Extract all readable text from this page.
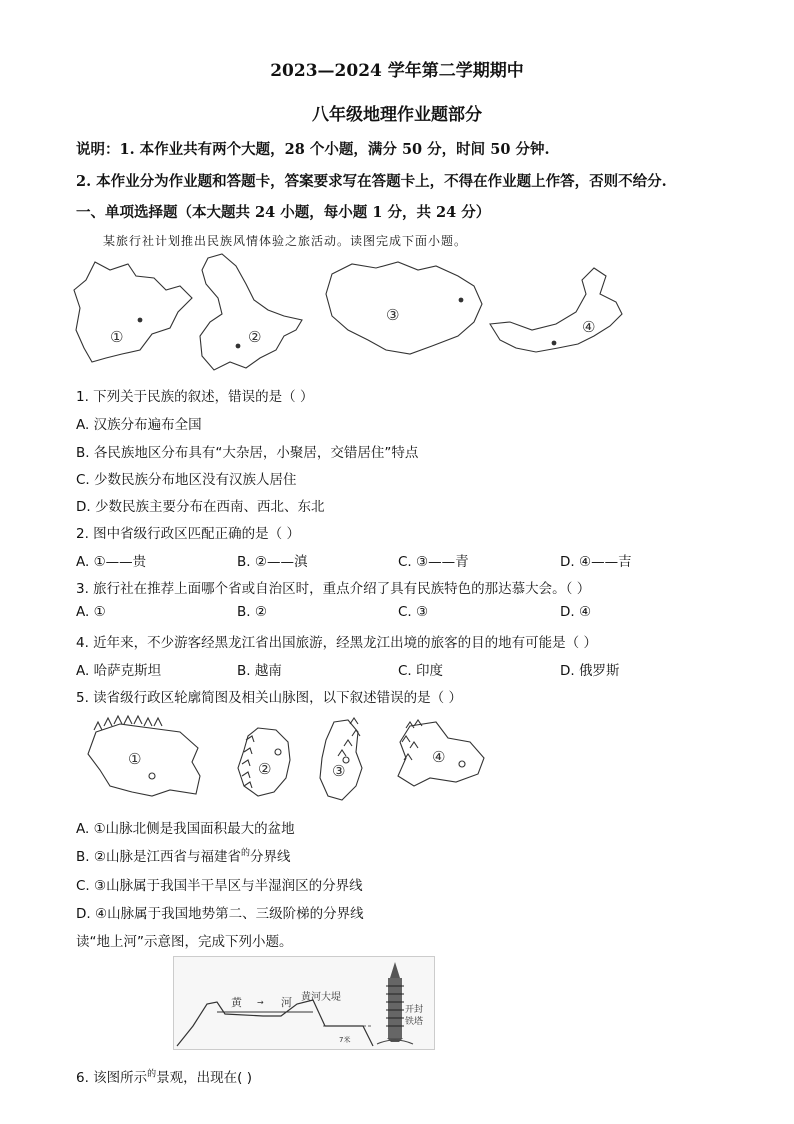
2023—2024 学年第二学期期中
八年级地理作业题部分
说明：1. 本作业共有两个大题，28 个小题，满分 50 分，时间 50 分钟.
2. 本作业分为作业题和答题卡，答案要求写在答题卡上，不得在作业题上作答，否则不给分.
一、单项选择题（本大题共 24 小题，每小题 1 分，共 24 分）
某旅行社计划推出民族风情体验之旅活动。读图完成下面小题。
①	②
③
④
1. 下列关于民族的叙述，错误的是（ ）
A. 汉族分布遍布全国
B. 各民族地区分布具有“大杂居，小聚居，交错居住”特点
C. 少数民族分布地区没有汉族人居住
D. 少数民族主要分布在西南、西北、东北
2. 图中省级行政区匹配正确的是（ ）
A. ①——贵	B. ②——滇	C. ③——青	D. ④——吉
3. 旅行社在推荐上面哪个省或自治区时，重点介绍了具有民族特色的那达慕大会。（ ）
A. ①	B. ②	C. ③	D. ④
4. 近年来，不少游客经黑龙江省出国旅游，经黑龙江出境的旅客的目的地有可能是（ ）
A. 哈萨克斯坦	B. 越南	C. 印度	D. 俄罗斯
5. 读省级行政区轮廓简图及相关山脉图，以下叙述错误的是（ ）
①
②	③
④
A. ①山脉北侧是我国面积最大的盆地
B. ②山脉是江西省与福建省$^的$分界线
C. ③山脉属于我国半干旱区与半湿润区的分界线
D. ④山脉属于我国地势第二、三级阶梯的分界线
读“地上河”示意图，完成下列小题。
黄 → 河 黄河大堤
7米
开封
铁塔
6. 该图所示$^的$景观，出现在( )
